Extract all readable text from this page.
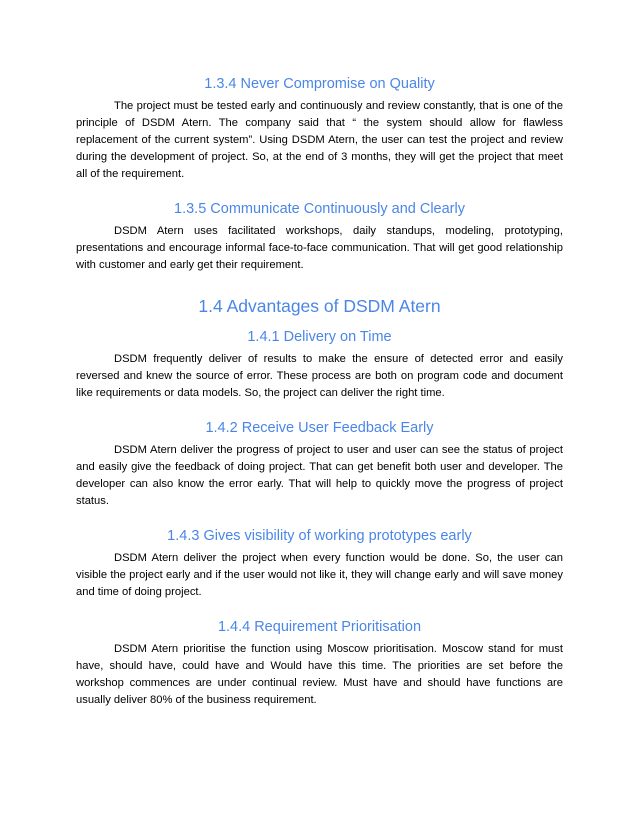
1.3.4 Never Compromise on Quality

The project must be tested early and continuously and review constantly, that is one of the principle of DSDM Atern. The company said that “ the system should allow for flawless replacement of the current system”. Using DSDM Atern, the user can test the project and review during the development of project. So, at the end of 3 months, they will get the project that meet all of the requirement.

1.3.5 Communicate Continuously and Clearly

DSDM Atern uses facilitated workshops, daily standups, modeling, prototyping, presentations and encourage informal face-to-face communication. That will get good relationship with customer and early get their requirement.

1.4 Advantages of DSDM Atern
1.4.1 Delivery on Time

DSDM frequently deliver of results to make the ensure of detected error and easily reversed and knew the source of error. These process are both on program code and document like requirements or data models. So, the project can deliver the right time.

1.4.2 Receive User Feedback Early

DSDM Atern deliver the progress of project to user and user can see the status of project and easily give the feedback of doing project. That can get benefit both user and developer. The developer can also know the error early. That will help to quickly move the progress of project status.

1.4.3 Gives visibility of working prototypes early

DSDM Atern deliver the project when every function would be done. So, the user can visible the project early and if the user would not like it, they will change early and will save money and time of doing project.

1.4.4 Requirement Prioritisation

DSDM Atern prioritise the function using Moscow prioritisation. Moscow stand for must have, should have, could have and Would have this time. The priorities are set before the workshop commences are under continual review. Must have and should have functions are usually deliver 80% of the business requirement.
